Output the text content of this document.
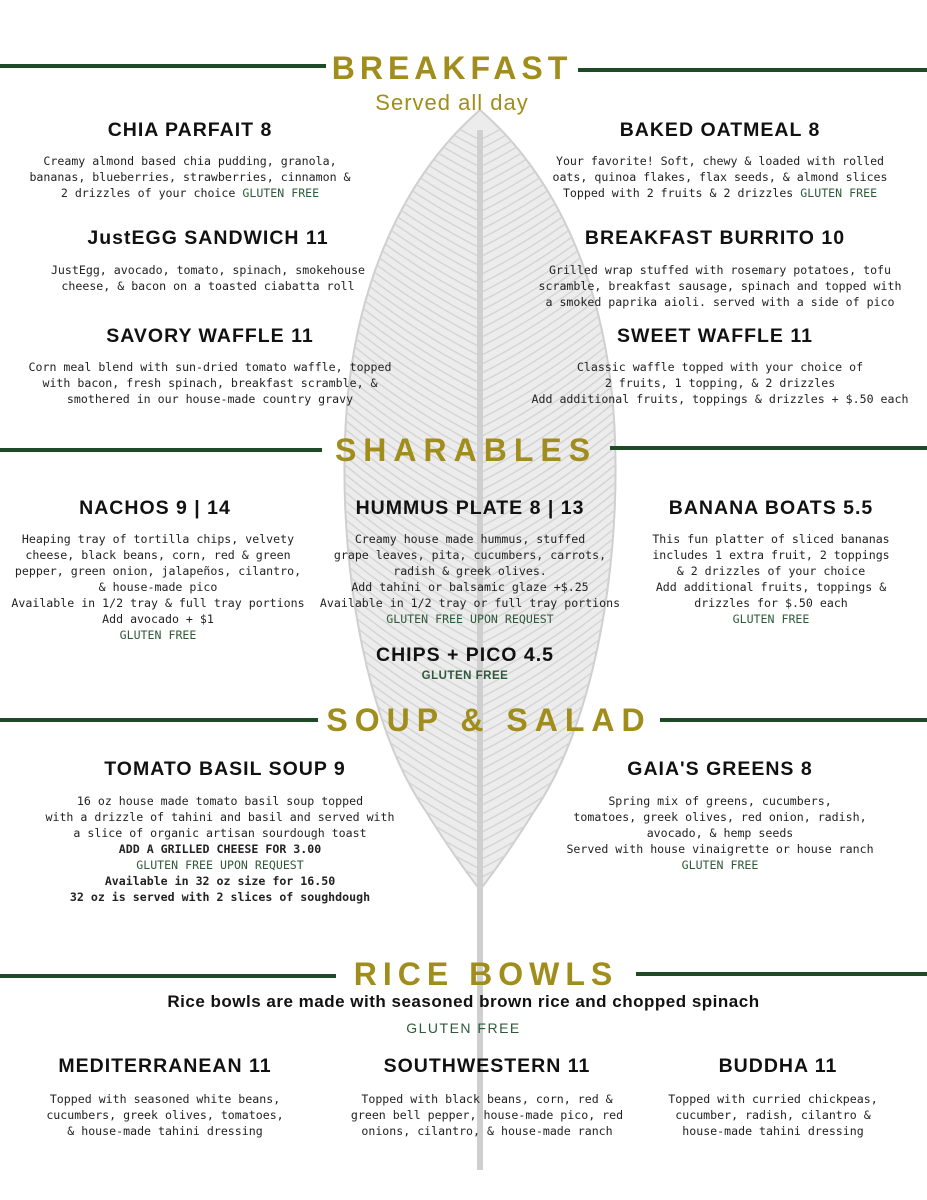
BREAKFAST
Served all day
CHIA PARFAIT 8
Creamy almond based chia pudding, granola,
bananas, blueberries, strawberries, cinnamon &
2 drizzles of your choice GLUTEN FREE
BAKED OATMEAL 8
Your favorite! Soft, chewy & loaded with rolled
oats, quinoa flakes, flax seeds, & almond slices
Topped with 2 fruits & 2 drizzles GLUTEN FREE
JustEGG SANDWICH 11
JustEgg, avocado, tomato, spinach, smokehouse
cheese, & bacon on a toasted ciabatta roll
BREAKFAST BURRITO 10
Grilled wrap stuffed with rosemary potatoes, tofu
scramble, breakfast sausage, spinach and topped with
a smoked paprika aioli. served with a side of pico
SAVORY WAFFLE 11
Corn meal blend with sun-dried tomato waffle, topped
with bacon, fresh spinach, breakfast scramble, &
smothered in our house-made country gravy
SWEET WAFFLE 11
Classic waffle topped with your choice of
2 fruits, 1 topping, & 2 drizzles
Add additional fruits, toppings & drizzles + $.50 each
SHARABLES
NACHOS 9 | 14
Heaping tray of tortilla chips, velvety
cheese, black beans, corn, red & green
pepper, green onion, jalapeños, cilantro,
& house-made pico
Available in 1/2 tray & full tray portions
Add avocado + $1
GLUTEN FREE
HUMMUS PLATE 8 | 13
Creamy house made hummus, stuffed
grape leaves, pita, cucumbers, carrots,
radish & greek olives.
Add tahini or balsamic glaze +$.25
Available in 1/2 tray or full tray portions
GLUTEN FREE UPON REQUEST
BANANA BOATS 5.5
This fun platter of sliced bananas
includes 1 extra fruit, 2 toppings
& 2 drizzles of your choice
Add additional fruits, toppings &
drizzles for $.50 each
GLUTEN FREE
CHIPS + PICO 4.5
GLUTEN FREE
SOUP & SALAD
TOMATO BASIL SOUP 9
16 oz house made tomato basil soup topped
with a drizzle of tahini and basil and served with
a slice of organic artisan sourdough toast
ADD A GRILLED CHEESE FOR 3.00
GLUTEN FREE UPON REQUEST
Available in 32 oz size for 16.50
32 oz is served with 2 slices of soughdough
GAIA'S GREENS 8
Spring mix of greens, cucumbers,
tomatoes, greek olives, red onion, radish,
avocado, & hemp seeds
Served with house vinaigrette or house ranch
GLUTEN FREE
RICE BOWLS
Rice bowls are made with seasoned brown rice and chopped spinach
GLUTEN FREE
MEDITERRANEAN 11
Topped with seasoned white beans,
cucumbers, greek olives, tomatoes,
& house-made tahini dressing
SOUTHWESTERN 11
Topped with black beans, corn, red &
green bell pepper, house-made pico, red
onions, cilantro, & house-made ranch
BUDDHA 11
Topped with curried chickpeas,
cucumber, radish, cilantro &
house-made tahini dressing
